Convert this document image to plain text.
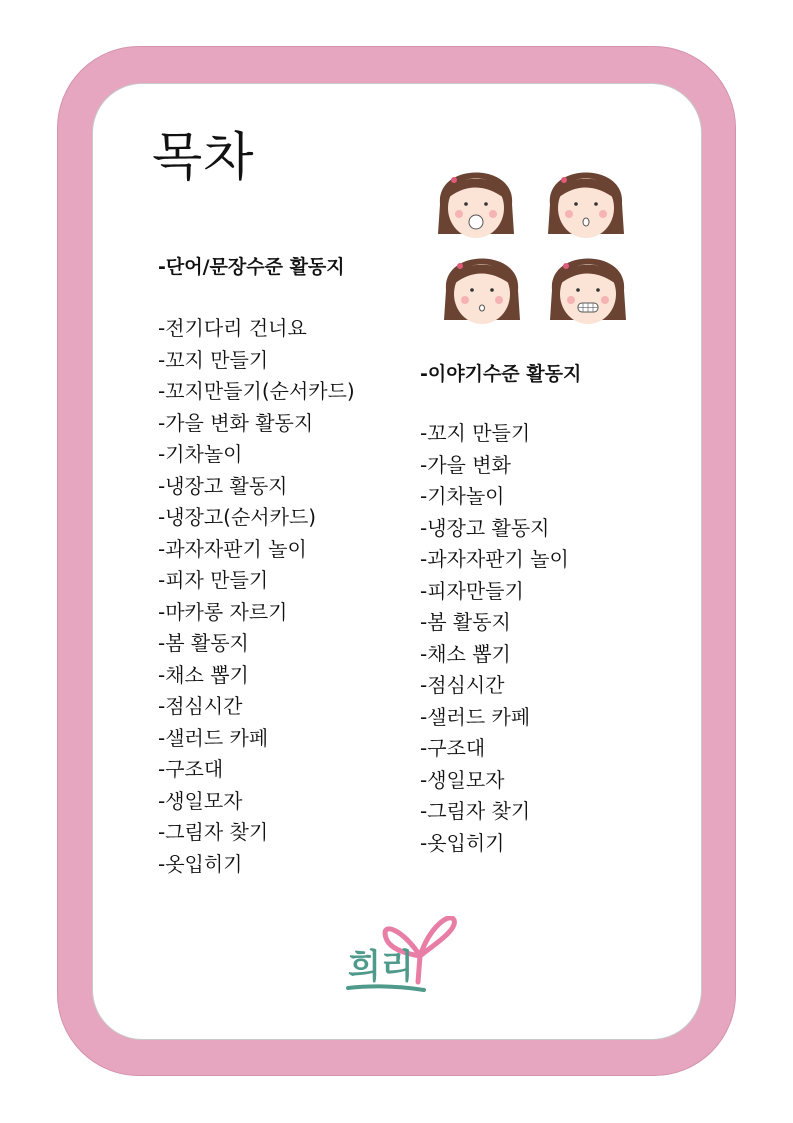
목차
-단어/문장수준 활동지
-전기다리 건너요
-꼬지 만들기
-꼬지만들기(순서카드)
-가을 변화 활동지
-기차놀이
-냉장고 활동지
-냉장고(순서카드)
-과자자판기 놀이
-피자 만들기
-마카롱 자르기
-봄 활동지
-채소 뽑기
-점심시간
-샐러드 카페
-구조대
-생일모자
-그림자 찾기
-옷입히기
-이야기수준 활동지
-꼬지 만들기
-가을 변화
-기차놀이
-냉장고 활동지
-과자자판기 놀이
-피자만들기
-봄 활동지
-채소 뽑기
-점심시간
-샐러드 카페
-구조대
-생일모자
-그림자 찾기
-옷입히기
희리
